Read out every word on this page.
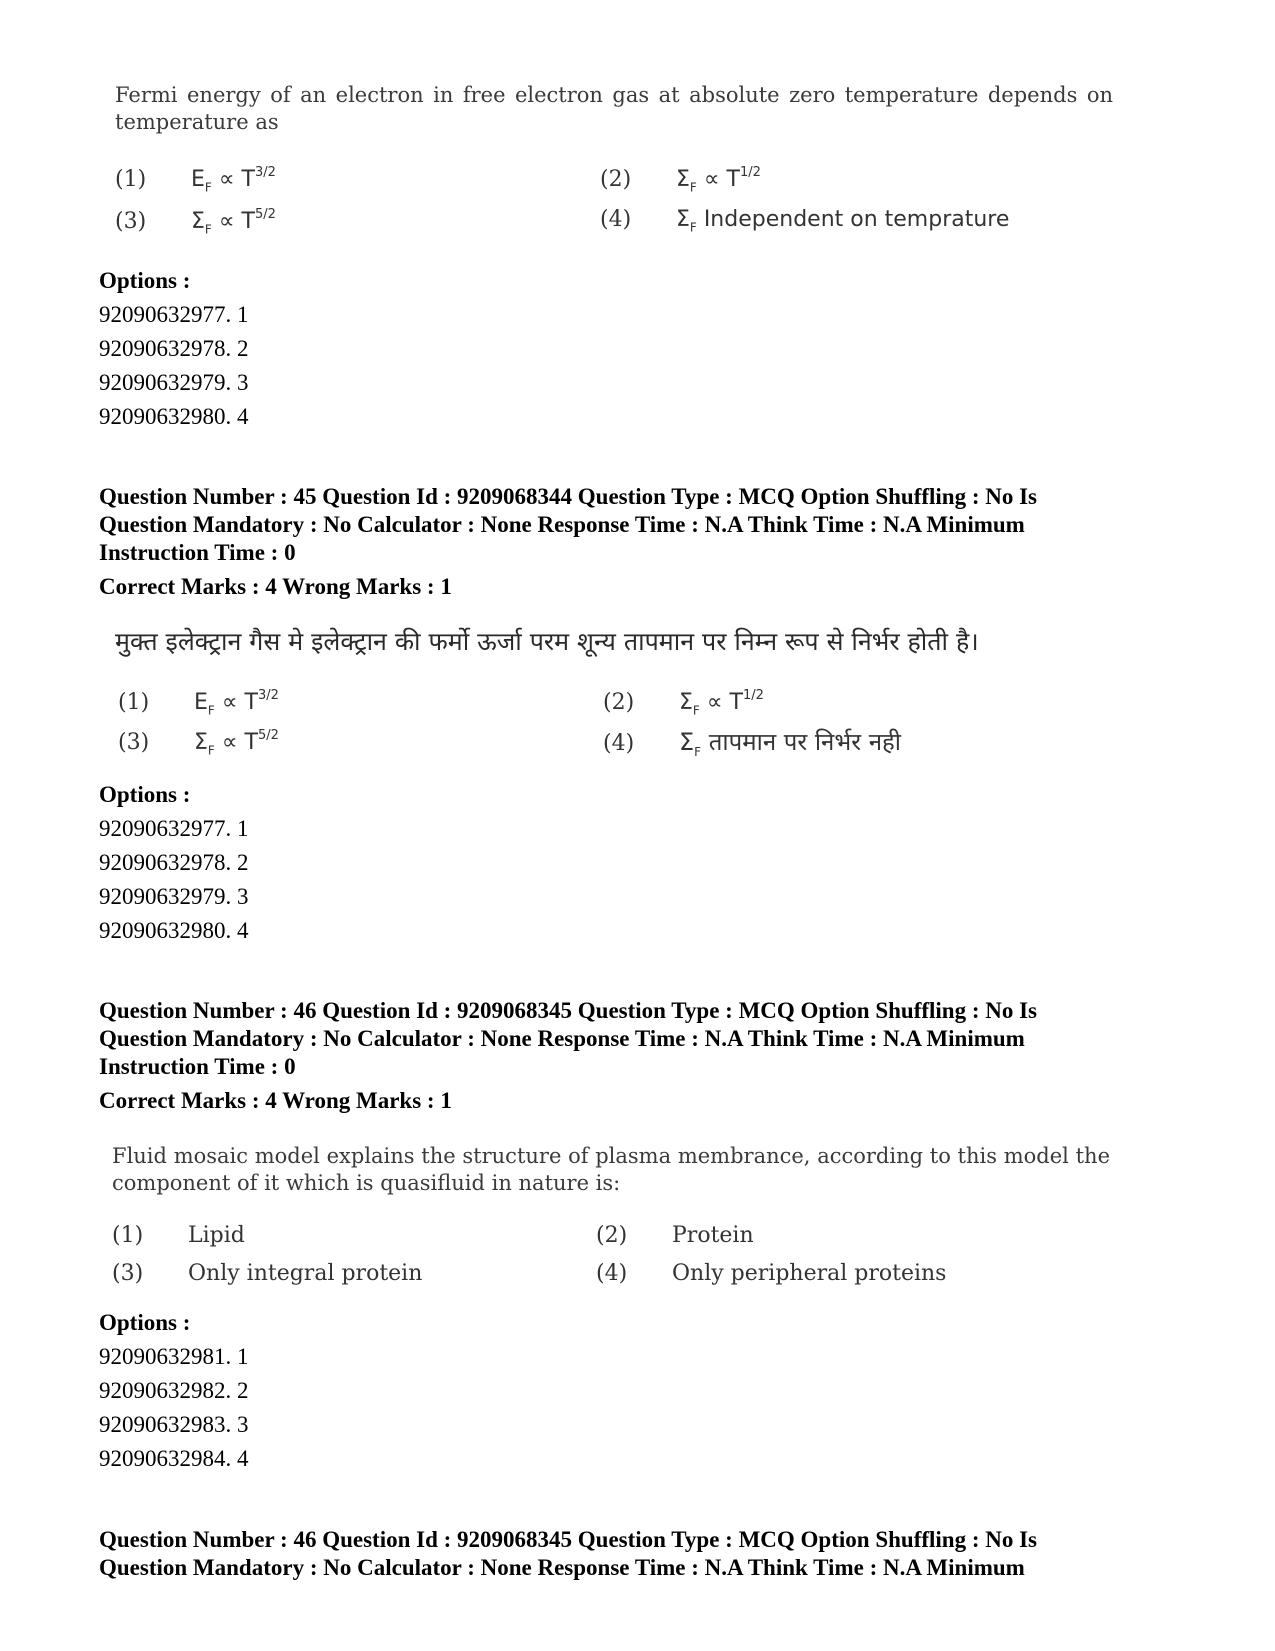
Fermi energy of an electron in free electron gas at absolute zero temperature depends on temperature as

(1)	$E_F \propto T^{3/2}$	(2)	$\Sigma_F \propto T^{1/2}$
(3)	$\Sigma_F \propto T^{5/2}$	(4)	$\Sigma_F$ Independent on temprature
Options :
92090632977. 1
92090632978. 2
92090632979. 3
92090632980. 4

Question Number : 45 Question Id : 9209068344 Question Type : MCQ Option Shuffling : No Is Question Mandatory : No Calculator : None Response Time : N.A Think Time : N.A Minimum Instruction Time : 0

Correct Marks : 4 Wrong Marks : 1

मुक्त इलेक्ट्रान गैस मे इलेक्ट्रान की फर्मो ऊर्जा परम शून्य तापमान पर निम्न रूप से निर्भर होती है।

(1)	$E_F \propto T^{3/2}$	(2)	$\Sigma_F \propto T^{1/2}$
(3)	$\Sigma_F \propto T^{5/2}$	(4)	$\Sigma_F$ तापमान पर निर्भर नही
Options :
92090632977. 1
92090632978. 2
92090632979. 3
92090632980. 4

Question Number : 46 Question Id : 9209068345 Question Type : MCQ Option Shuffling : No Is Question Mandatory : No Calculator : None Response Time : N.A Think Time : N.A Minimum Instruction Time : 0

Correct Marks : 4 Wrong Marks : 1

Fluid mosaic model explains the structure of plasma membrance, according to this model the component of it which is quasifluid in nature is:

(1)	Lipid	(2)	Protein
(3)	Only integral protein	(4)	Only peripheral proteins
Options :
92090632981. 1
92090632982. 2
92090632983. 3
92090632984. 4

Question Number : 46 Question Id : 9209068345 Question Type : MCQ Option Shuffling : No Is Question Mandatory : No Calculator : None Response Time : N.A Think Time : N.A Minimum
